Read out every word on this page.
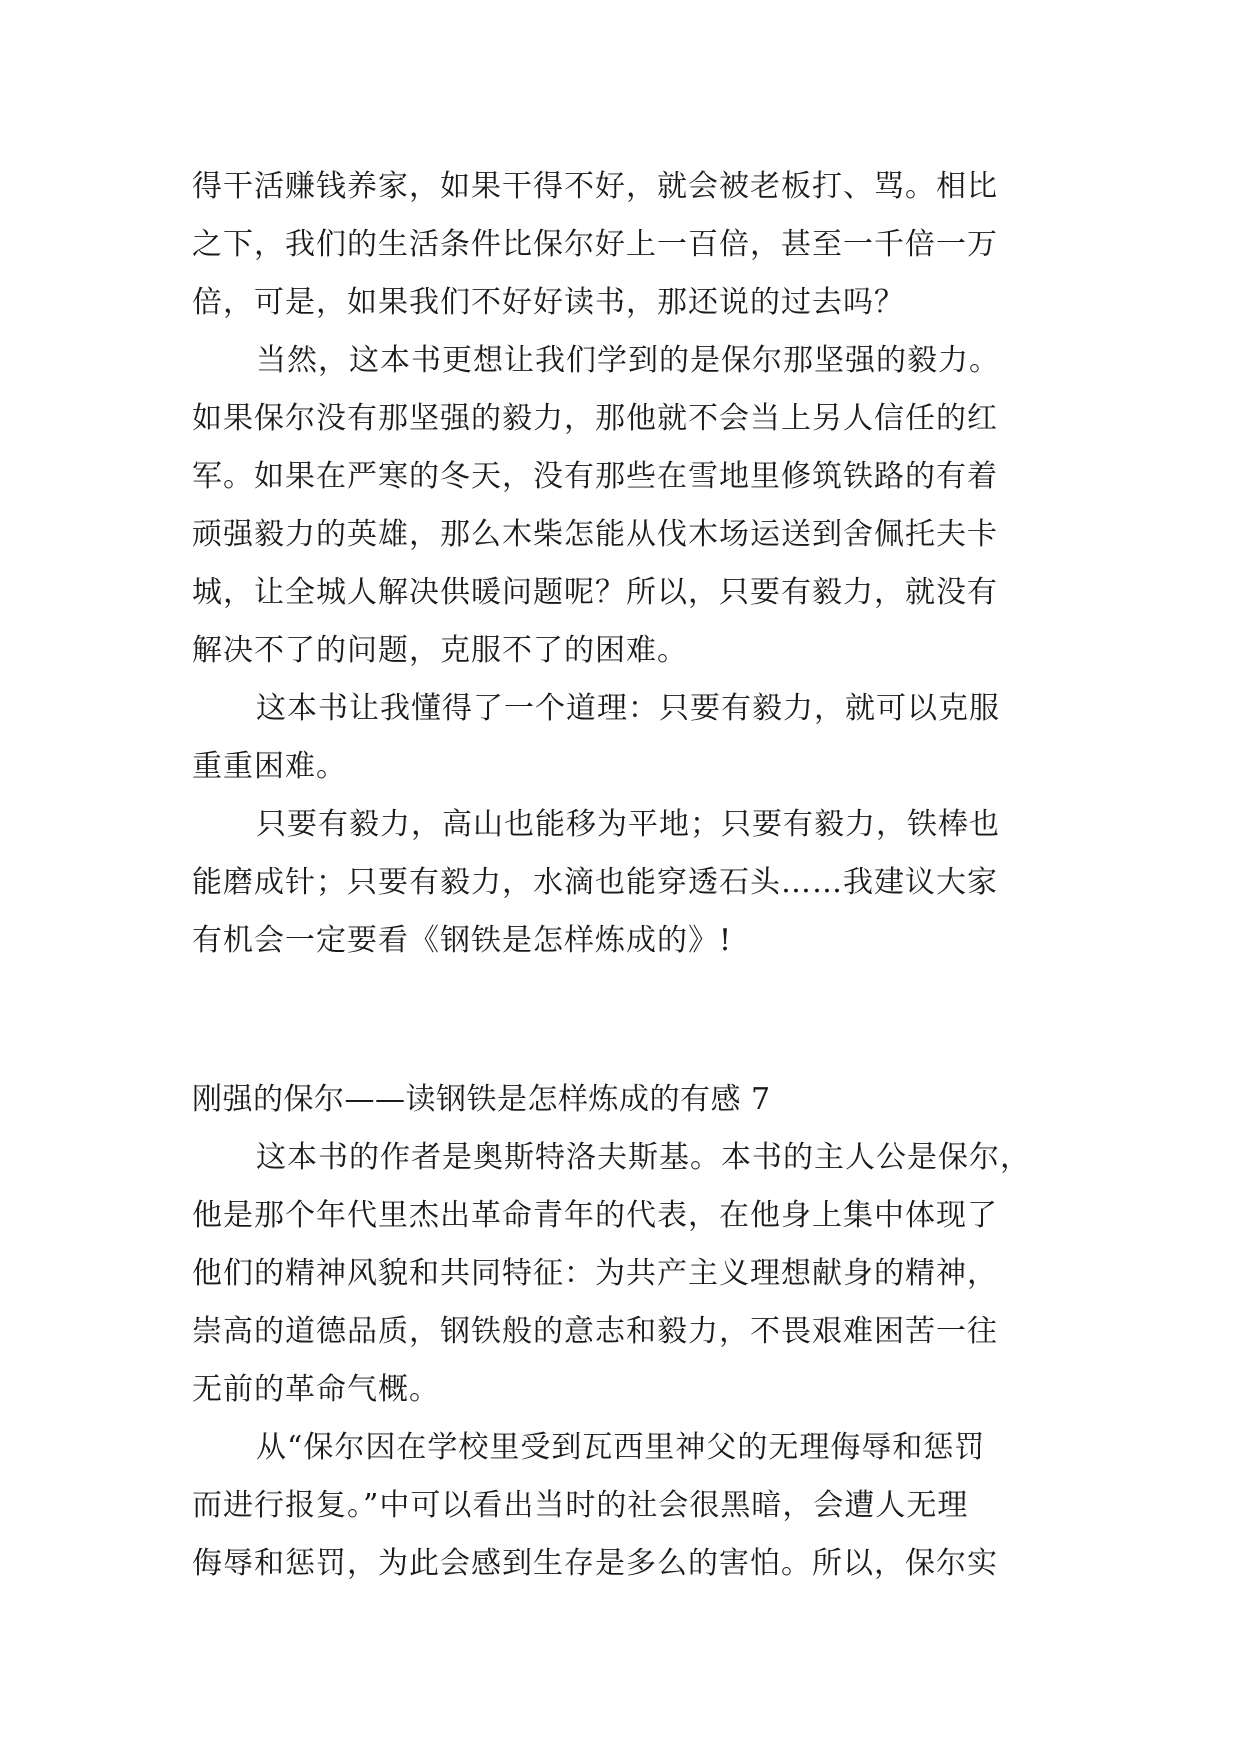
得干活赚钱养家，如果干得不好，就会被老板打、骂。相比
之下，我们的生活条件比保尔好上一百倍，甚至一千倍一万
倍，可是，如果我们不好好读书，那还说的过去吗？
当然，这本书更想让我们学到的是保尔那坚强的毅力。
如果保尔没有那坚强的毅力，那他就不会当上另人信任的红
军。如果在严寒的冬天，没有那些在雪地里修筑铁路的有着
顽强毅力的英雄，那么木柴怎能从伐木场运送到舍佩托夫卡
城，让全城人解决供暖问题呢？所以，只要有毅力，就没有
解决不了的问题，克服不了的困难。
这本书让我懂得了一个道理：只要有毅力，就可以克服
重重困难。
只要有毅力，高山也能移为平地；只要有毅力，铁棒也
能磨成针；只要有毅力，水滴也能穿透石头……我建议大家
有机会一定要看《钢铁是怎样炼成的》!
刚强的保尔——读钢铁是怎样炼成的有感 7
这本书的作者是奥斯特洛夫斯基。本书的主人公是保尔，
他是那个年代里杰出革命青年的代表，在他身上集中体现了
他们的精神风貌和共同特征：为共产主义理想献身的精神，
崇高的道德品质，钢铁般的意志和毅力，不畏艰难困苦一往
无前的革命气概。
从“保尔因在学校里受到瓦西里神父的无理侮辱和惩罚
而进行报复。”中可以看出当时的社会很黑暗，会遭人无理
侮辱和惩罚，为此会感到生存是多么的害怕。所以，保尔实
